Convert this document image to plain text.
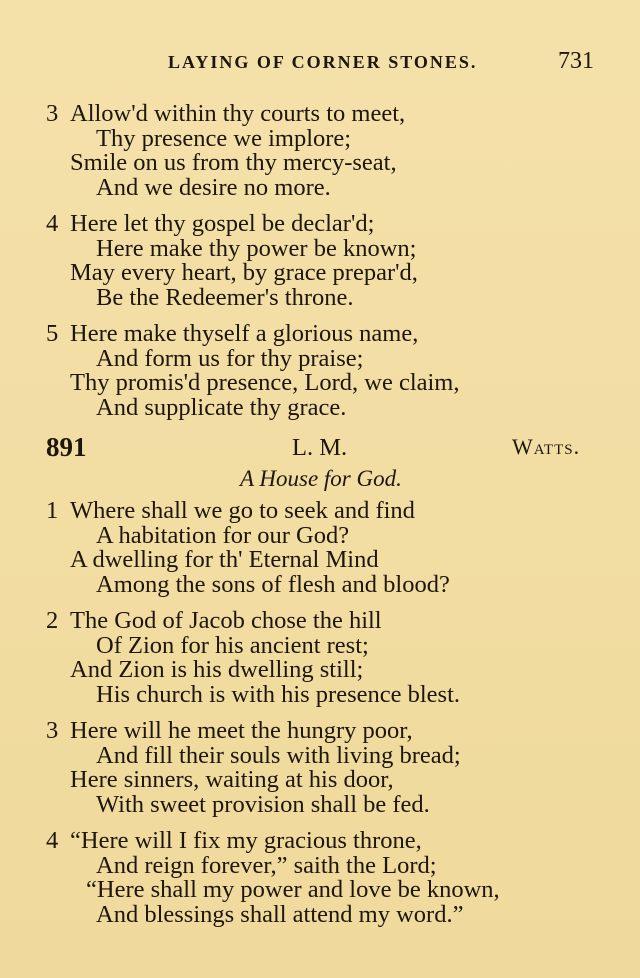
LAYING OF CORNER STONES.	731
3 Allow'd within thy courts to meet,
Thy presence we implore;
Smile on us from thy mercy-seat,
And we desire no more.
4 Here let thy gospel be declar'd;
Here make thy power be known;
May every heart, by grace prepar'd,
Be the Redeemer's throne.
5 Here make thyself a glorious name,
And form us for thy praise;
Thy promis'd presence, Lord, we claim,
And supplicate thy grace.
891	L. M.	Watts.
A House for God.
1 Where shall we go to seek and find
A habitation for our God?
A dwelling for th' Eternal Mind
Among the sons of flesh and blood?
2 The God of Jacob chose the hill
Of Zion for his ancient rest;
And Zion is his dwelling still;
His church is with his presence blest.
3 Here will he meet the hungry poor,
And fill their souls with living bread;
Here sinners, waiting at his door,
With sweet provision shall be fed.
4 “Here will I fix my gracious throne,
And reign forever,” saith the Lord;
“Here shall my power and love be known,
And blessings shall attend my word.”
